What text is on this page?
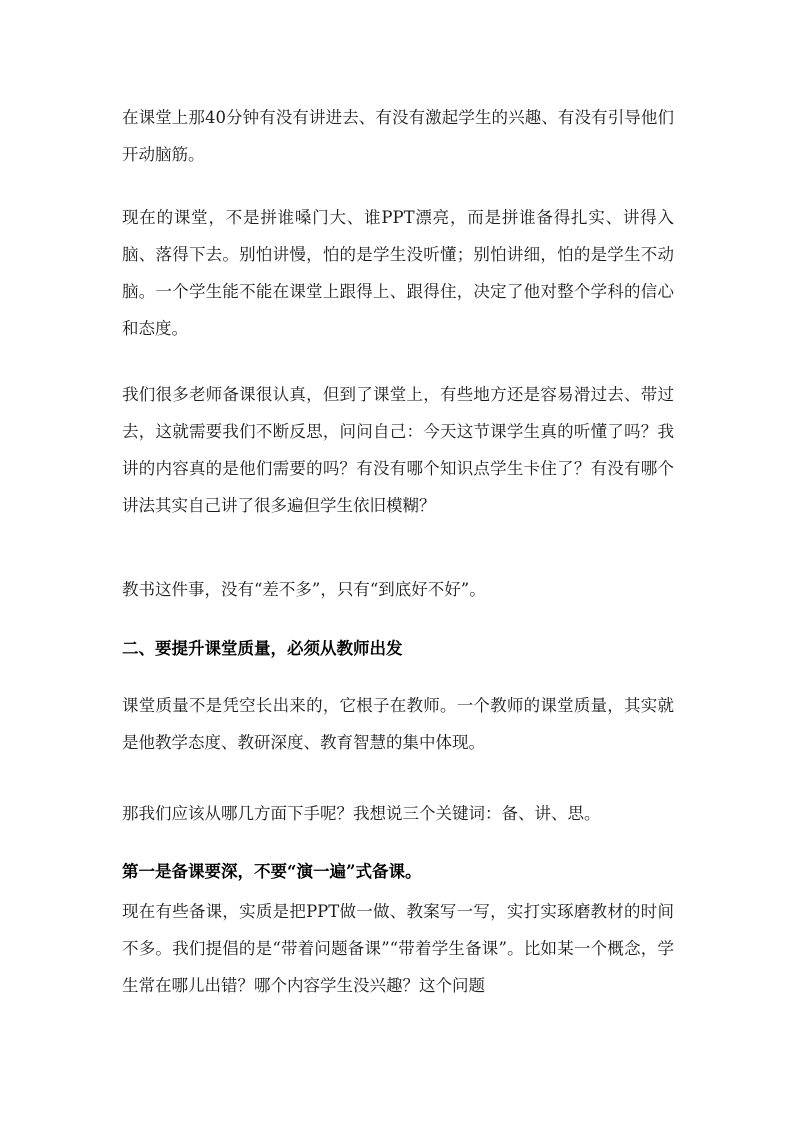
在课堂上那40分钟有没有讲进去、有没有激起学生的兴趣、有没有引导他们开动脑筋。

现在的课堂，不是拼谁嗓门大、谁PPT漂亮，而是拼谁备得扎实、讲得入脑、落得下去。别怕讲慢，怕的是学生没听懂；别怕讲细，怕的是学生不动脑。一个学生能不能在课堂上跟得上、跟得住，决定了他对整个学科的信心和态度。

我们很多老师备课很认真，但到了课堂上，有些地方还是容易滑过去、带过去，这就需要我们不断反思，问问自己：今天这节课学生真的听懂了吗？我讲的内容真的是他们需要的吗？有没有哪个知识点学生卡住了？有没有哪个讲法其实自己讲了很多遍但学生依旧模糊？

教书这件事，没有“差不多”，只有“到底好不好”。

二、要提升课堂质量，必须从教师出发

课堂质量不是凭空长出来的，它根子在教师。一个教师的课堂质量，其实就是他教学态度、教研深度、教育智慧的集中体现。

那我们应该从哪几方面下手呢？我想说三个关键词：备、讲、思。

第一是备课要深，不要“演一遍”式备课。

现在有些备课，实质是把PPT做一做、教案写一写，实打实琢磨教材的时间不多。我们提倡的是“带着问题备课”“带着学生备课”。比如某一个概念，学生常在哪儿出错？哪个内容学生没兴趣？这个问题
